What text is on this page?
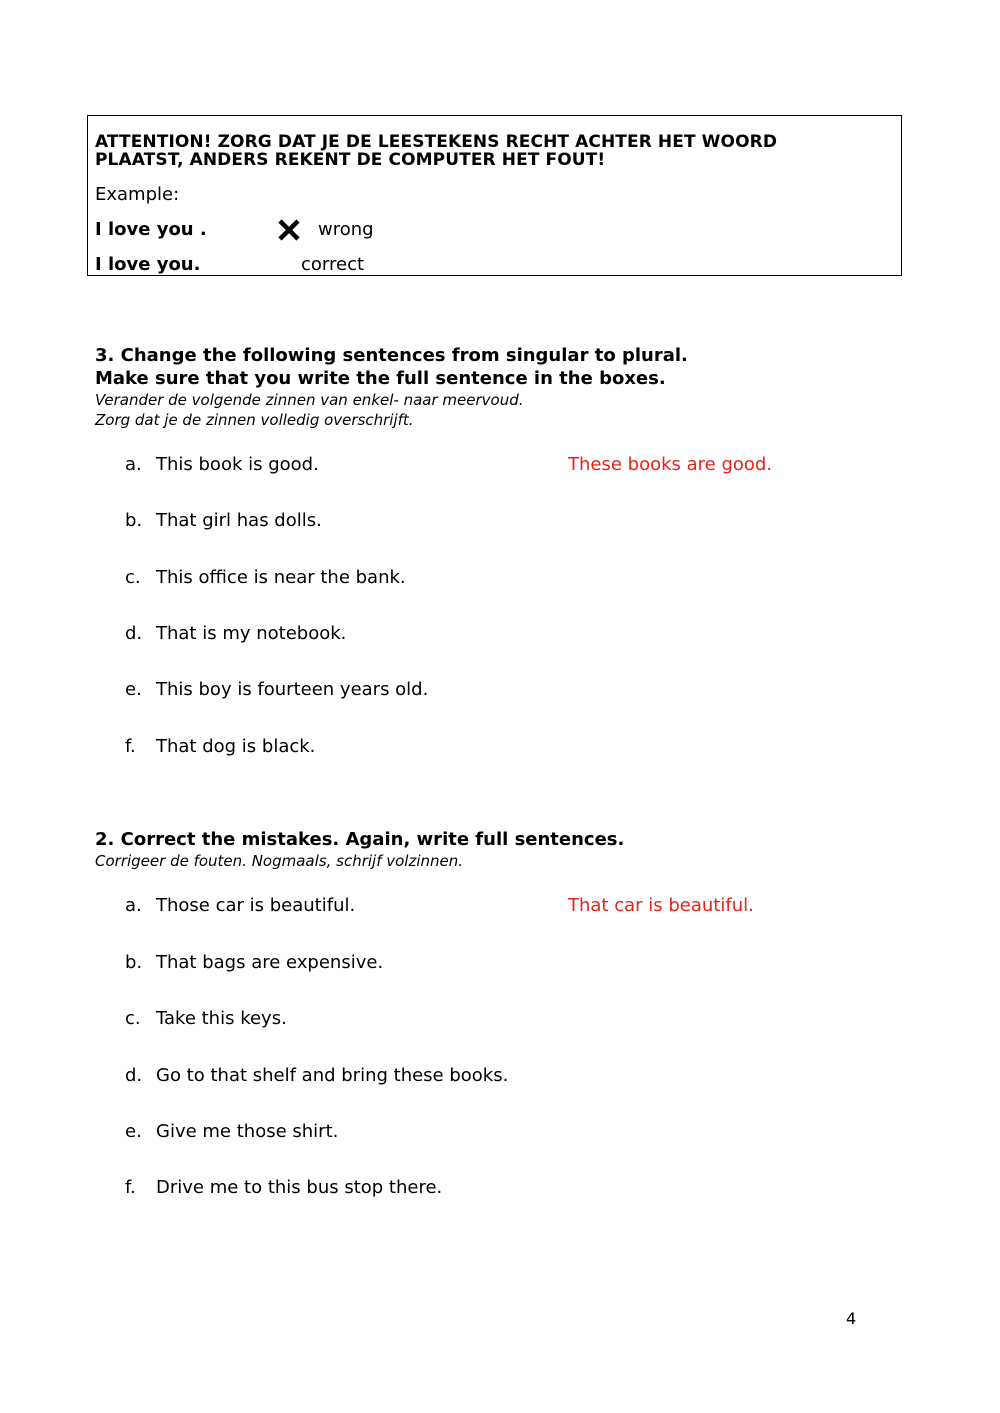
ATTENTION! ZORG DAT JE DE LEESTEKENS RECHT ACHTER HET WOORD
PLAATST, ANDERS REKENT DE COMPUTER HET FOUT!
Example:
I love you .	wrong
I love you.	correct
3. Change the following sentences from singular to plural.
Make sure that you write the full sentence in the boxes.
Verander de volgende zinnen van enkel- naar meervoud.
Zorg dat je de zinnen volledig overschrijft.
a. This book is good.
b. That girl has dolls.
c. This office is near the bank.
d. That is my notebook.
e. This boy is fourteen years old.
f. That dog is black.
These books are good.
2. Correct the mistakes. Again, write full sentences.
Corrigeer de fouten. Nogmaals, schrijf volzinnen.
a. Those car is beautiful.
b. That bags are expensive.
c. Take this keys.
d. Go to that shelf and bring these books.
e. Give me those shirt.
f. Drive me to this bus stop there.
That car is beautiful.
4
